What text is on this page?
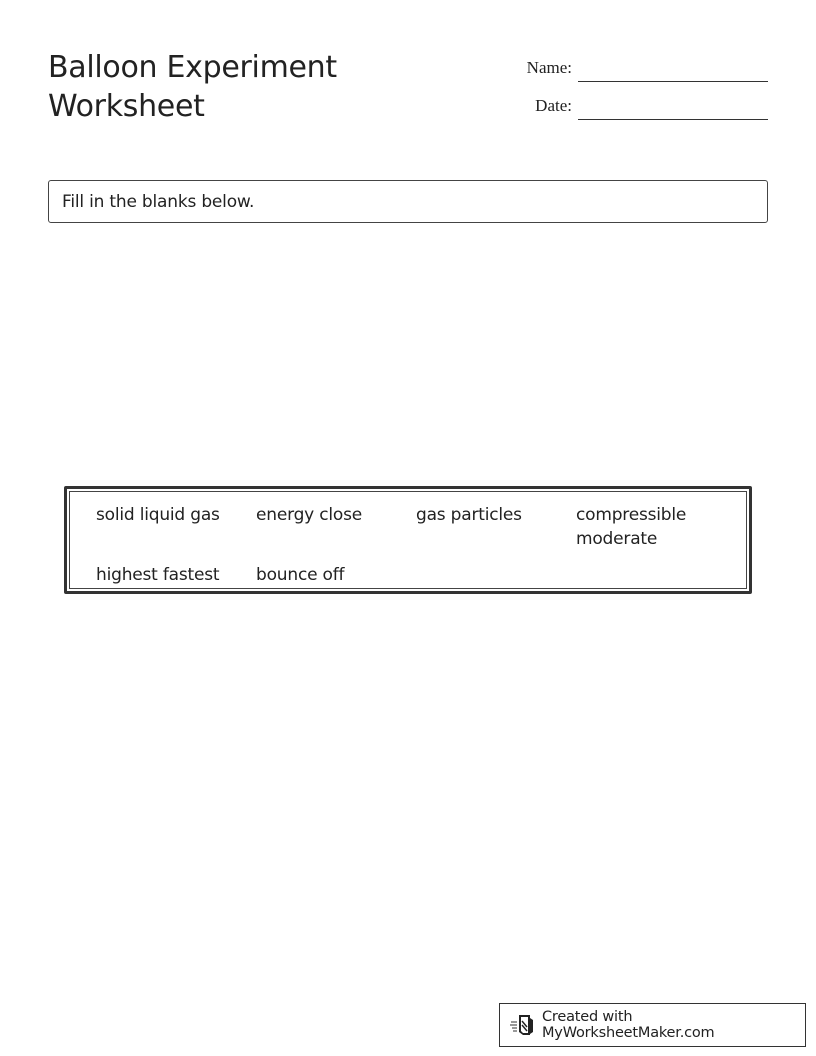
Balloon Experiment Worksheet
Name:
Date:
Fill in the blanks below.
solid liquid gas	energy close	gas particles	compressible moderate
highest fastest	bounce off
Created with MyWorksheetMaker.com
